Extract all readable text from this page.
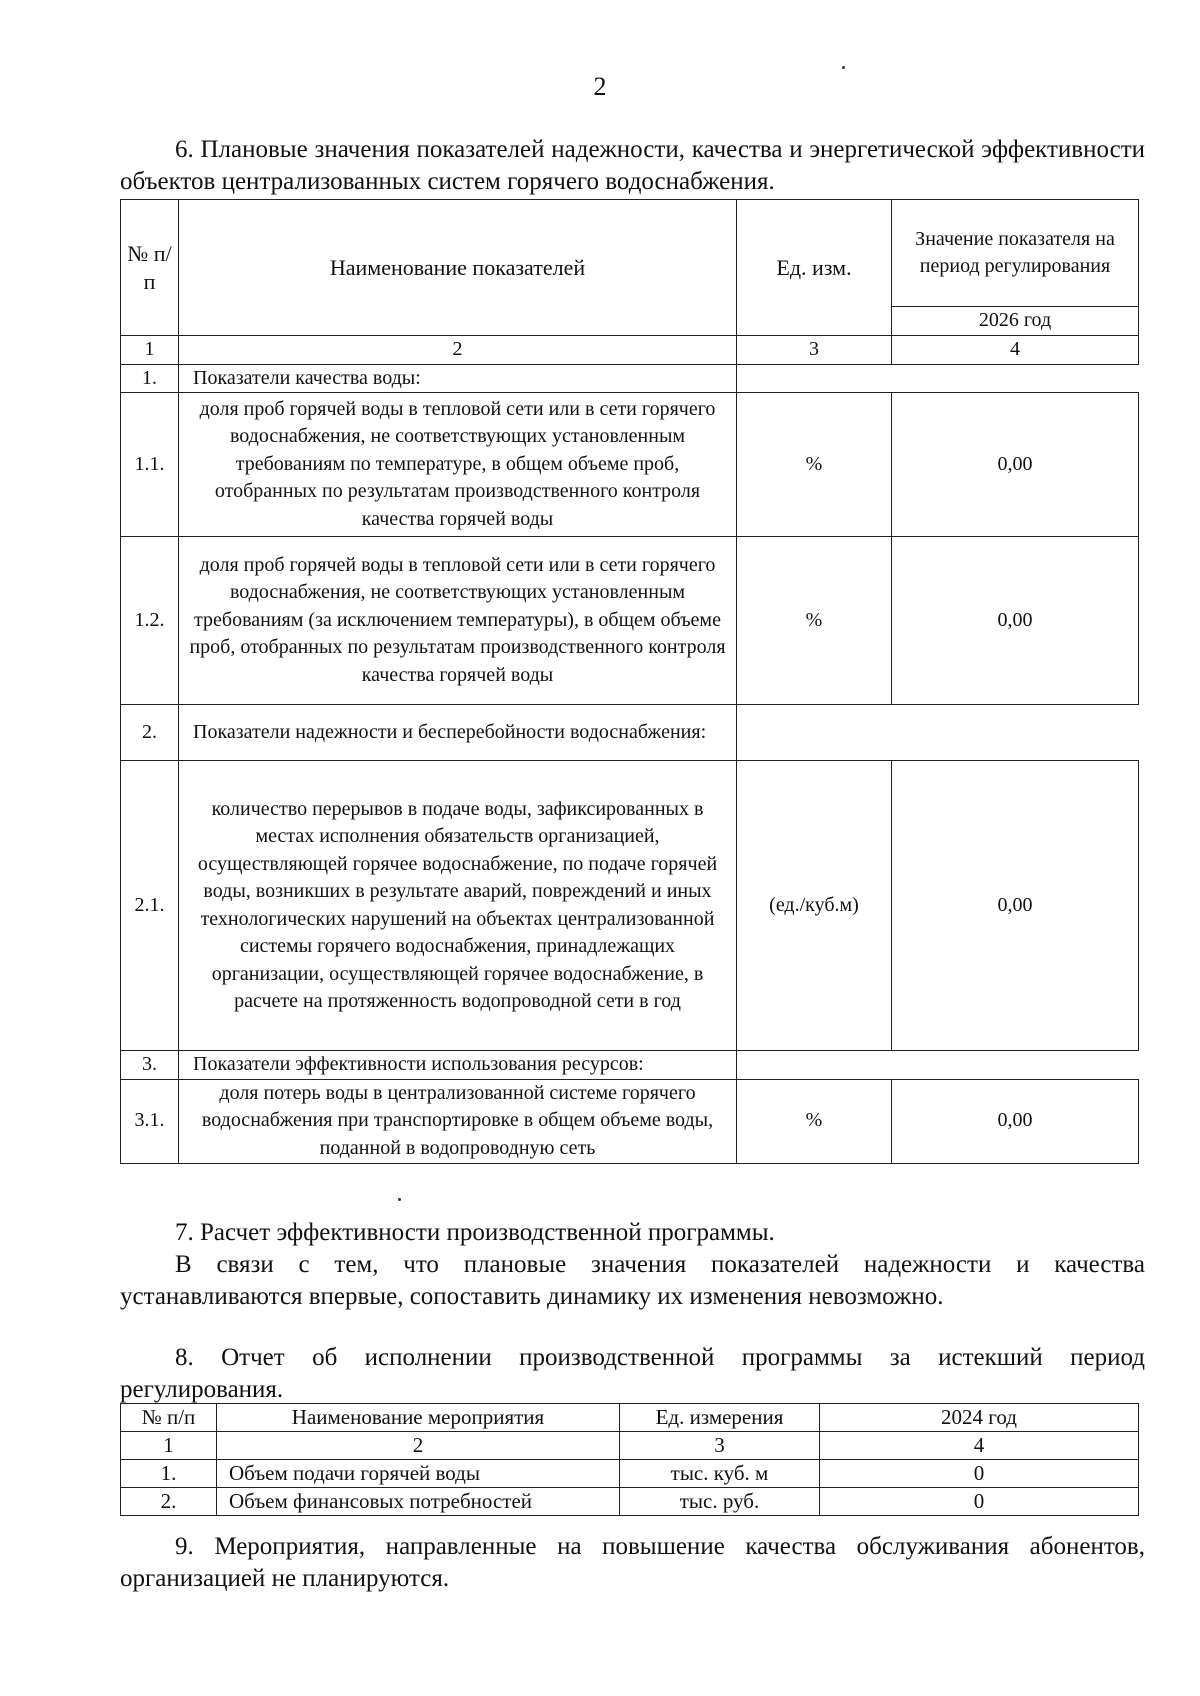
2

6. Плановые значения показателей надежности, качества и энергетической эффективности объектов централизованных систем горячего водоснабжения.

№ п/п	Наименование показателей	Ед. изм.	Значение показателя на период регулирования
			2026 год
1	2	3	4
1.	Показатели качества воды:		
1.1.	доля проб горячей воды в тепловой сети или в сети горячего водоснабжения, не соответствующих установленным требованиям по температуре, в общем объеме проб, отобранных по результатам производственного контроля качества горячей воды	%	0,00
1.2.	доля проб горячей воды в тепловой сети или в сети горячего водоснабжения, не соответствующих установленным требованиям (за исключением температуры), в общем объеме проб, отобранных по результатам производственного контроля качества горячей воды	%	0,00
2.	Показатели надежности и бесперебойности водоснабжения:		
2.1.	количество перерывов в подаче воды, зафиксированных в местах исполнения обязательств организацией, осуществляющей горячее водоснабжение, по подаче горячей воды, возникших в результате аварий, повреждений и иных технологических нарушений на объектах централизованной системы горячего водоснабжения, принадлежащих организации, осуществляющей горячее водоснабжение, в расчете на протяженность водопроводной сети в год	(ед./куб.м)	0,00
3.	Показатели эффективности использования ресурсов:		
3.1.	доля потерь воды в централизованной системе горячего водоснабжения при транспортировке в общем объеме воды, поданной в водопроводную сеть	%	0,00

7. Расчет эффективности производственной программы.

В связи с тем, что плановые значения показателей надежности и качества устанавливаются впервые, сопоставить динамику их изменения невозможно.

8. Отчет об исполнении производственной программы за истекший период регулирования.

№ п/п	Наименование мероприятия	Ед. измерения	2024 год
1	2	3	4
1.	Объем подачи горячей воды	тыс. куб. м	0
2.	Объем финансовых потребностей	тыс. руб.	0

9. Мероприятия, направленные на повышение качества обслуживания абонентов, организацией не планируются.
